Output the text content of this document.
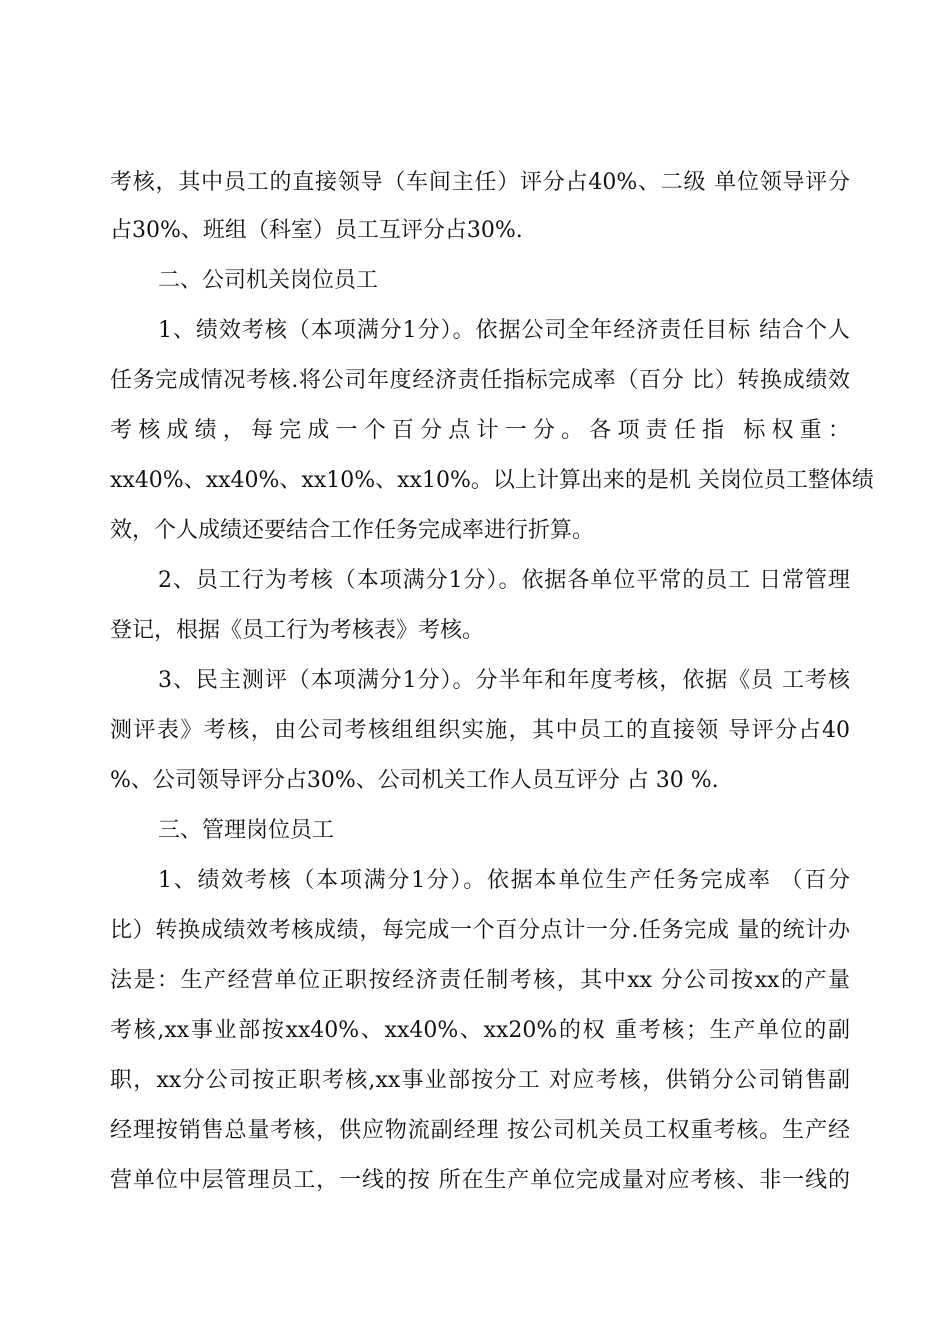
考核，其中员工的直接领导（车间主任）评分占40%、二级 单位领导评分
占30%、班组（科室）员工互评分占30%.
二、公司机关岗位员工
1、绩效考核（本项满分1分）。依据公司全年经济责任目标 结合个人
任务完成情况考核.将公司年度经济责任指标完成率（百分 比）转换成绩效
考核成绩，每完成一个百分点计一分。各项责任指 标权重：
xx40%、xx40%、xx10%、xx10%。以上计算出来的是机 关岗位员工整体绩
效，个人成绩还要结合工作任务完成率进行折算。
2、员工行为考核（本项满分1分）。依据各单位平常的员工 日常管理
登记，根据《员工行为考核表》考核。
3、民主测评（本项满分1分）。分半年和年度考核，依据《员 工考核
测评表》考核，由公司考核组组织实施，其中员工的直接领 导评分占40
%、公司领导评分占30%、公司机关工作人员互评分 占 30 %.
三、管理岗位员工
1、绩效考核（本项满分1分）。依据本单位生产任务完成率 （百分
比）转换成绩效考核成绩，每完成一个百分点计一分.任务完成 量的统计办
法是：生产经营单位正职按经济责任制考核，其中xx 分公司按xx的产量
考核,xx事业部按xx40%、xx40%、xx20%的权 重考核；生产单位的副
职，xx分公司按正职考核,xx事业部按分工 对应考核，供销分公司销售副
经理按销售总量考核，供应物流副经理 按公司机关员工权重考核。生产经
营单位中层管理员工，一线的按 所在生产单位完成量对应考核、非一线的
